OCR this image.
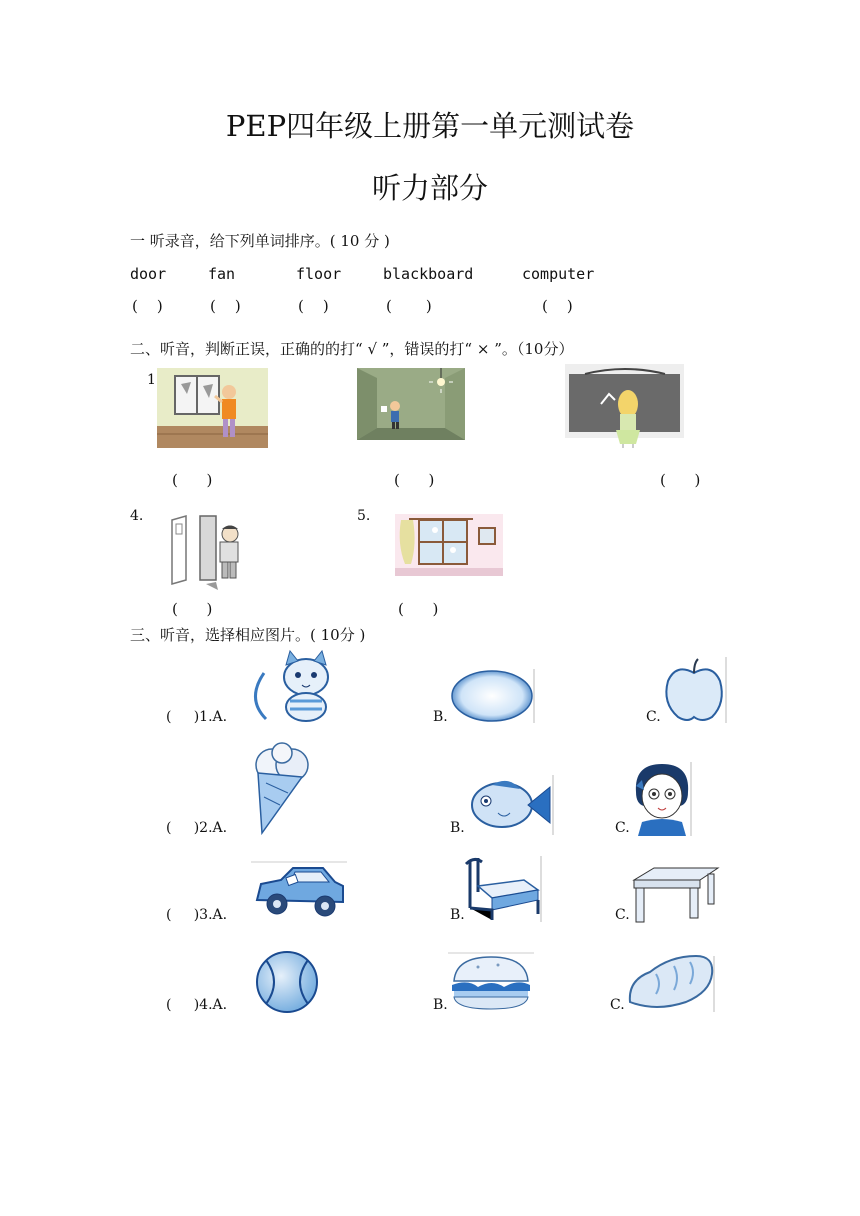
PEP四年级上册第一单元测试卷
听力部分
一 听录音，给下列单词排序。( 10 分 )
door	fan	floor	blackboard	computer
(    )	(    )	(    )	(    )	(    )
二、听音，判断正误，正确的的打“ √ ”，错误的打“ × ”。（10分）
1
(      )	(      )	(      )
4.	5.
(      )	(      )
三、听音，选择相应图片。( 10分 )
(     )1.A.	B.	C.
(     )2.A.	B.	C.
(     )3.A.	B.	C.
(     )4.A.	B.	C.
